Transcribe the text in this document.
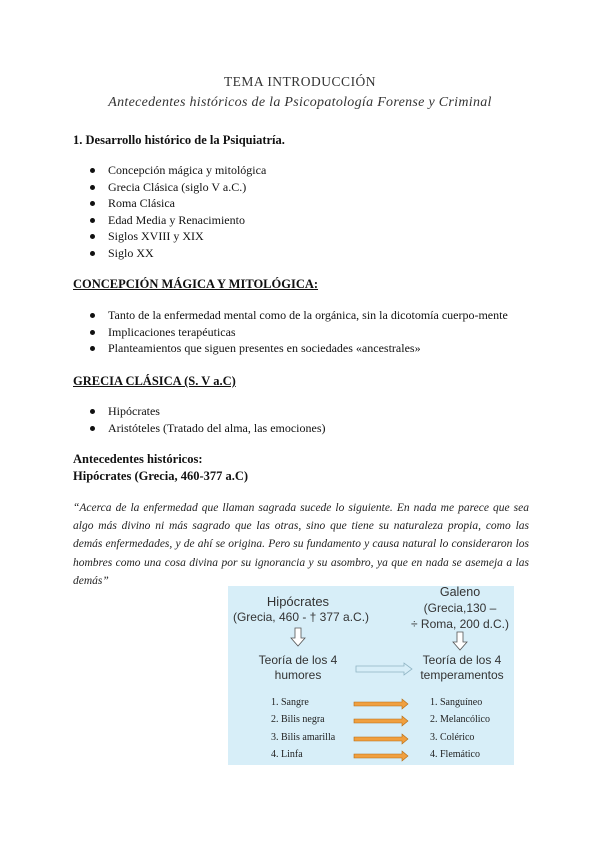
TEMA INTRODUCCIÓN
Antecedentes históricos de la Psicopatología Forense y Criminal
1. Desarrollo histórico de la Psiquiatría.
Concepción mágica y mitológica
Grecia Clásica (siglo V a.C.)
Roma Clásica
Edad Media y Renacimiento
Siglos XVIII y XIX
Siglo XX
CONCEPCIÓN MÁGICA Y MITOLÓGICA:
Tanto de la enfermedad mental como de la orgánica, sin la dicotomía cuerpo-mente
Implicaciones terapéuticas
Planteamientos que siguen presentes en sociedades «ancestrales»
GRECIA CLÁSICA (S. V a.C)
Hipócrates
Aristóteles (Tratado del alma, las emociones)
Antecedentes históricos:
Hipócrates (Grecia, 460-377 a.C)
“Acerca de la enfermedad que llaman sagrada sucede lo siguiente. En nada me parece que sea algo más divino ni más sagrado que las otras, sino que tiene su naturaleza propia, como las demás enfermedades, y de ahí se origina. Pero su fundamento y causa natural lo consideraron los hombres como una cosa divina por su ignorancia y su asombro, ya que en nada se asemeja a las demás”
Hipócrates
(Grecia, 460 - † 377 a.C.)
Galeno
(Grecia,130 –
÷ Roma, 200 d.C.)
Teoría de los 4
humores
Teoría de los 4
temperamentos
1. Sangre
2. Bilis negra
3. Bilis amarilla
4. Linfa
1. Sanguíneo
2. Melancólico
3. Colérico
4. Flemático
